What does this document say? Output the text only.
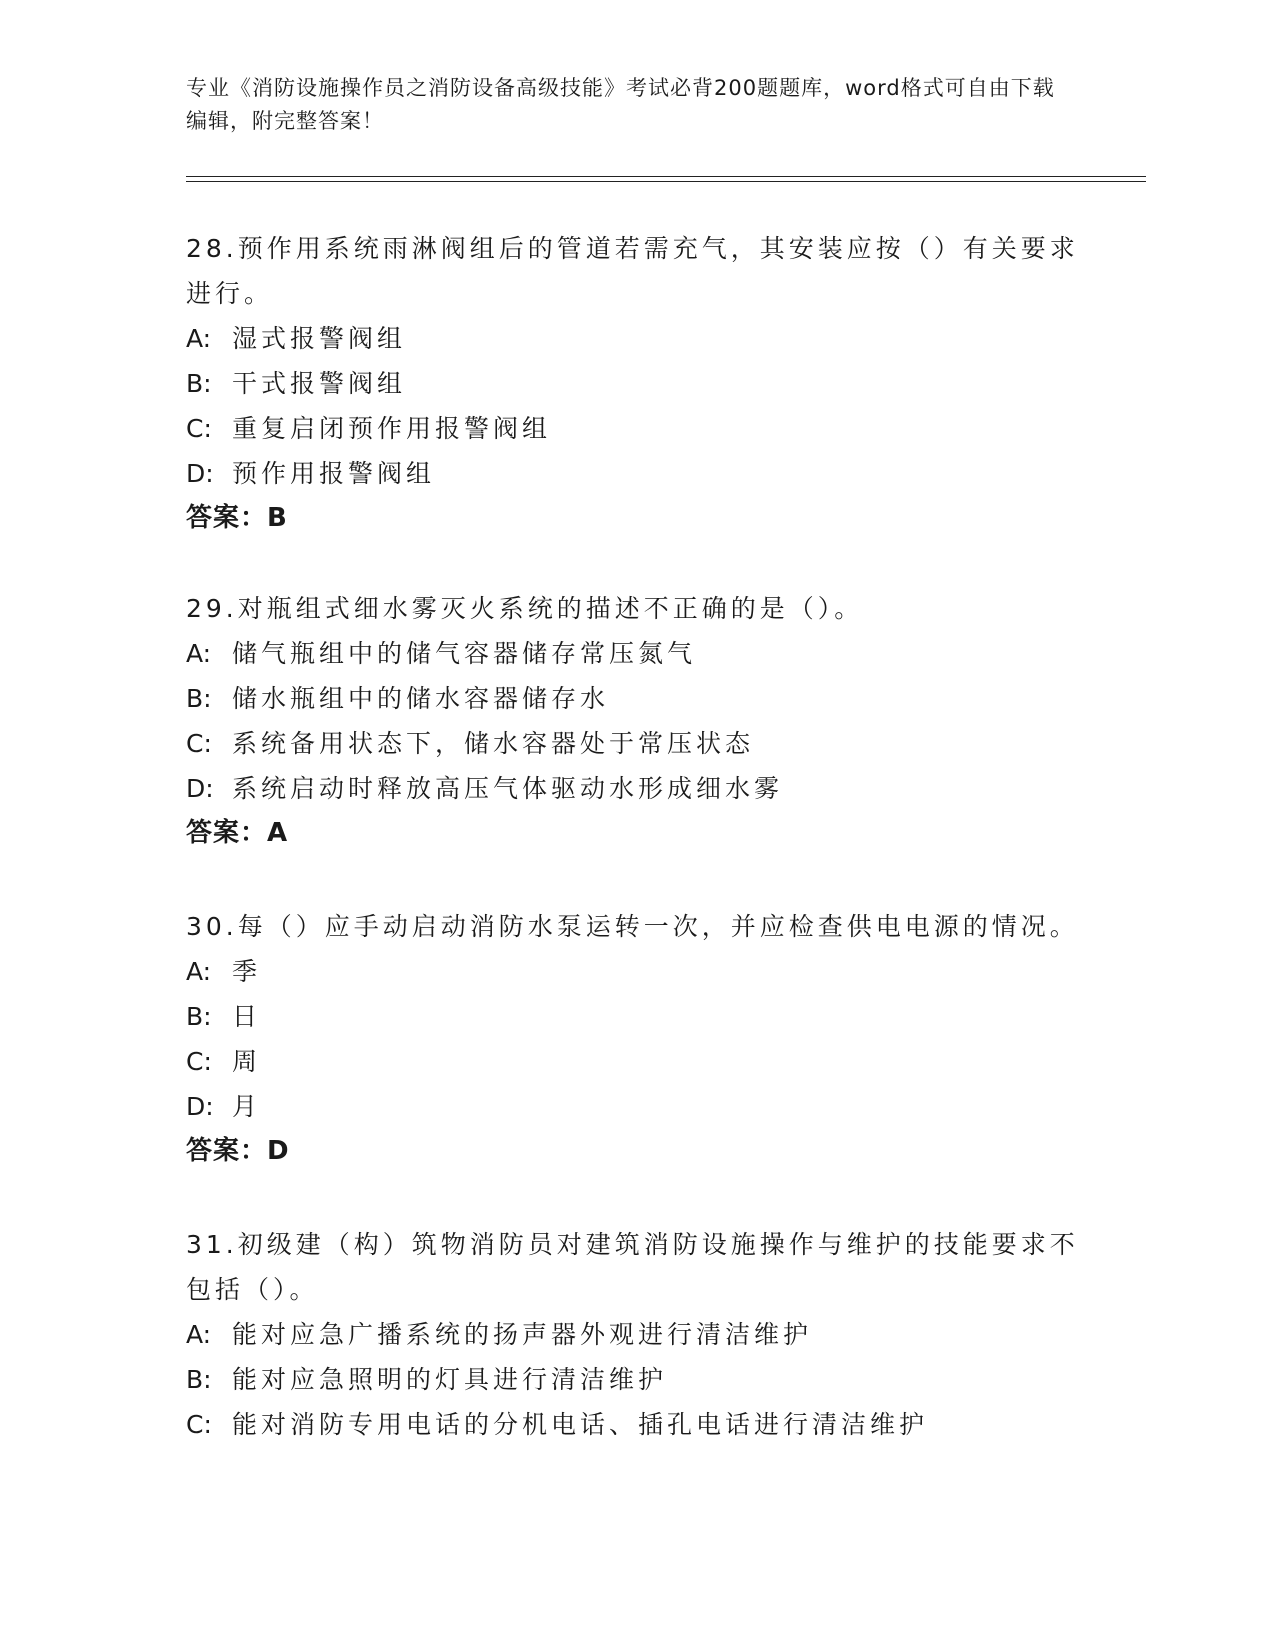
专业《消防设施操作员之消防设备高级技能》考试必背200题题库，word格式可自由下载编辑，附完整答案！

28.预作用系统雨淋阀组后的管道若需充气，其安装应按（）有关要求进行。

A: 湿式报警阀组
B: 干式报警阀组
C: 重复启闭预作用报警阀组
D: 预作用报警阀组
答案：B

29.对瓶组式细水雾灭火系统的描述不正确的是（）。

A: 储气瓶组中的储气容器储存常压氮气
B: 储水瓶组中的储水容器储存水
C: 系统备用状态下，储水容器处于常压状态
D: 系统启动时释放高压气体驱动水形成细水雾
答案：A

30.每（）应手动启动消防水泵运转一次，并应检查供电电源的情况。

A: 季
B: 日
C: 周
D: 月
答案：D

31.初级建（构）筑物消防员对建筑消防设施操作与维护的技能要求不包括（）。

A: 能对应急广播系统的扬声器外观进行清洁维护
B: 能对应急照明的灯具进行清洁维护
C: 能对消防专用电话的分机电话、插孔电话进行清洁维护
